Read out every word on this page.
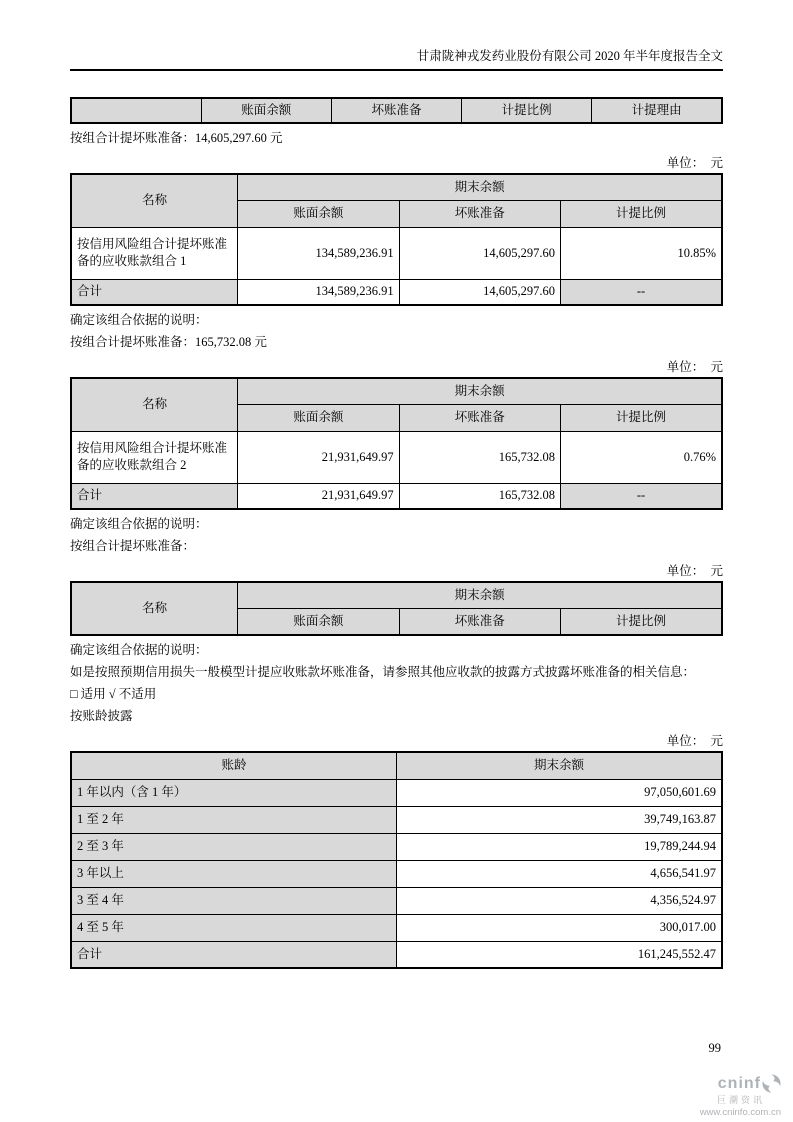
甘肃陇神戎发药业股份有限公司 2020 年半年度报告全文
	账面余额	坏账准备	计提比例	计提理由

按组合计提坏账准备：14,605,297.60 元

单位：  元

名称	期末余额		
	账面余额	坏账准备	计提比例
按信用风险组合计提坏账准备的应收账款组合 1	134,589,236.91	14,605,297.60	10.85%
合计	134,589,236.91	14,605,297.60	--

确定该组合依据的说明：

按组合计提坏账准备：165,732.08 元

单位：  元

名称	期末余额		
	账面余额	坏账准备	计提比例
按信用风险组合计提坏账准备的应收账款组合 2	21,931,649.97	165,732.08	0.76%
合计	21,931,649.97	165,732.08	--

确定该组合依据的说明：

按组合计提坏账准备：

单位：  元

名称	期末余额		
	账面余额	坏账准备	计提比例

确定该组合依据的说明：

如是按照预期信用损失一般模型计提应收账款坏账准备，请参照其他应收款的披露方式披露坏账准备的相关信息：

□ 适用 √ 不适用

按账龄披露

单位：  元

账龄	期末余额
1 年以内（含 1 年）	97,050,601.69
1 至 2 年	39,749,163.87
2 至 3 年	19,789,244.94
3 年以上	4,656,541.97
3 至 4 年	4,356,524.97
4 至 5 年	300,017.00
合计	161,245,552.47
99
cninf
巨潮资讯
www.cninfo.com.cn
